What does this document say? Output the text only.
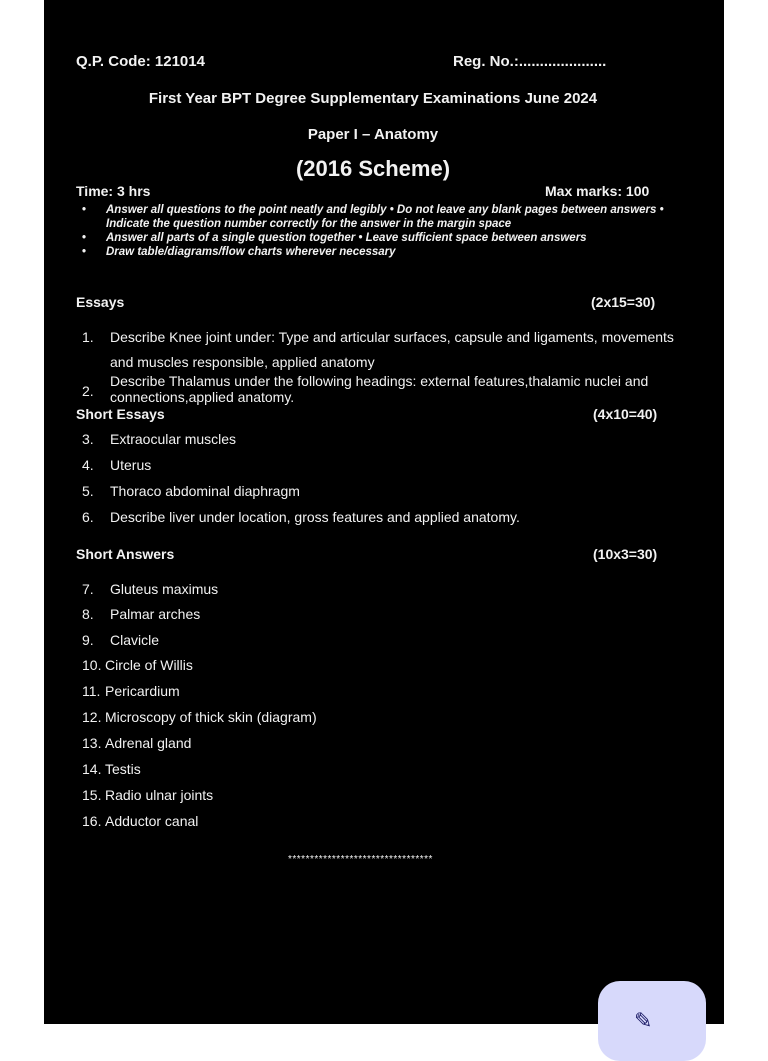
Q.P. Code: 121014	Reg. No.:.....................
First Year BPT Degree Supplementary Examinations June 2024
Paper I – Anatomy
(2016 Scheme)
Time: 3 hrs	Max marks: 100
• Answer all questions to the point neatly and legibly • Do not leave any blank pages between answers • Indicate the question number correctly for the answer in the margin space
• Answer all parts of a single question together • Leave sufficient space between answers
• Draw table/diagrams/flow charts wherever necessary
Essays	(2x15=30)
1. Describe Knee joint under: Type and articular surfaces, capsule and ligaments, movements and muscles responsible, applied anatomy
2.
Describe Thalamus under the following headings: external features,thalamic nuclei and connections,applied anatomy.
Short Essays	(4x10=40)
3. Extraocular muscles
4. Uterus
5. Thoraco abdominal diaphragm
6. Describe liver under location, gross features and applied anatomy.
Short Answers	(10x3=30)
7. Gluteus maximus
8. Palmar arches
9. Clavicle
10. Circle of Willis
11. Pericardium
12. Microscopy of thick skin (diagram)
13. Adrenal gland
14. Testis
15. Radio ulnar joints
16. Adductor canal
*********************************
✎
